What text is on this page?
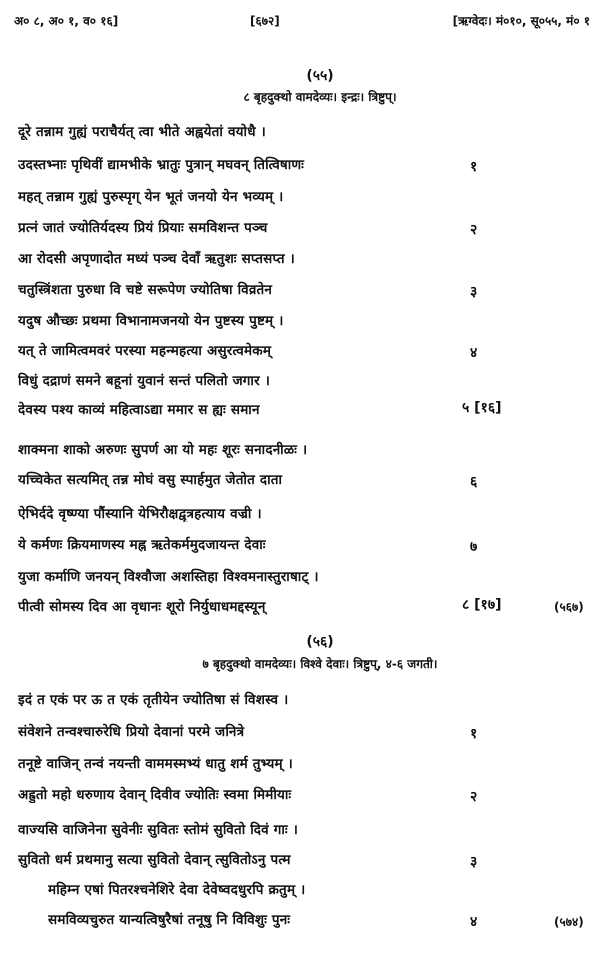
अ० ८, अ० १, व० १६]	[६७२]	[ऋग्वेदः। मं०१०, सू०५५, मं० १
(५५)
८ बृहदुक्थो वामदेव्यः। इन्द्रः। त्रिष्टुप्।
दूरे तन्नाम गुह्यं पराचैर्यत् त्वा भीते अह्वयेतां वयोधै ।
उदस्तभ्नाः पृथिवीं द्यामभीके भ्रातुः पुत्रान् मघवन् तित्विषाणः	१
महत् तन्नाम गुह्यं पुरुस्पृग् येन भूतं जनयो येन भव्यम् ।
प्रत्नं जातं ज्योतिर्यदस्य प्रियं प्रियाः समविशन्त पञ्च	२
आ रोदसी अपृणादोत मध्यं पञ्च देवाँ ऋतुशः सप्तसप्त ।
चतुस्त्रिंशता पुरुधा वि चष्टे सरूपेण ज्योतिषा विव्रतेन	३
यदुष औच्छः प्रथमा विभानामजनयो येन पुष्टस्य पुष्टम् ।
यत् ते जामित्वमवरं परस्या महन्महत्या असुरत्वमेकम्	४
विधुं दद्राणं समने बहूनां युवानं सन्तं पलितो जगार ।
देवस्य पश्य काव्यं महित्वाऽद्या ममार स ह्यः समान	५ [१६]
शाक्मना शाको अरुणः सुपर्ण आ यो महः शूरः सनादनीळः ।
यच्चिकेत सत्यमित् तन्न मोघं वसु स्पार्हमुत जेतोत दाता	६
ऐभिर्ददे वृष्ण्या पौंस्यानि येभिरौक्षद्वृत्रहत्याय वज्री ।
ये कर्मणः क्रियमाणस्य मह्न ऋतेकर्ममुदजायन्त देवाः	७
युजा कर्माणि जनयन् विश्वौजा अशस्तिहा विश्वमनास्तुराषाट् ।
पीत्वी सोमस्य दिव आ वृधानः शूरो निर्युधाधमद्दस्यून्	८ [१७]	(५६७)
(५६)
७ बृहदुक्थो वामदेव्यः। विश्वे देवाः। त्रिष्टुप्, ४-६ जगती।
इदं त एकं पर ऊ त एकं तृतीयेन ज्योतिषा सं विशस्व ।
संवेशने तन्वश्चारुरेधि प्रियो देवानां परमे जनित्रे	१
तनूष्टे वाजिन् तन्वं नयन्ती वाममस्मभ्यं धातु शर्म तुभ्यम् ।
अह्रुतो महो धरुणाय देवान् दिवीव ज्योतिः स्वमा मिमीयाः	२
वाज्यसि वाजिनेना सुवेनीः सुवितः स्तोमं सुवितो दिवं गाः ।
सुवितो धर्म प्रथमानु सत्या सुवितो देवान् त्सुवितोऽनु पत्म	३
महिम्न एषां पितरश्चनेशिरे देवा देवेष्वदधुरपि क्रतुम् ।
समविव्यचुरुत यान्यत्विषुरैषां तनूषु नि विविशुः पुनः	४	(५७४)
